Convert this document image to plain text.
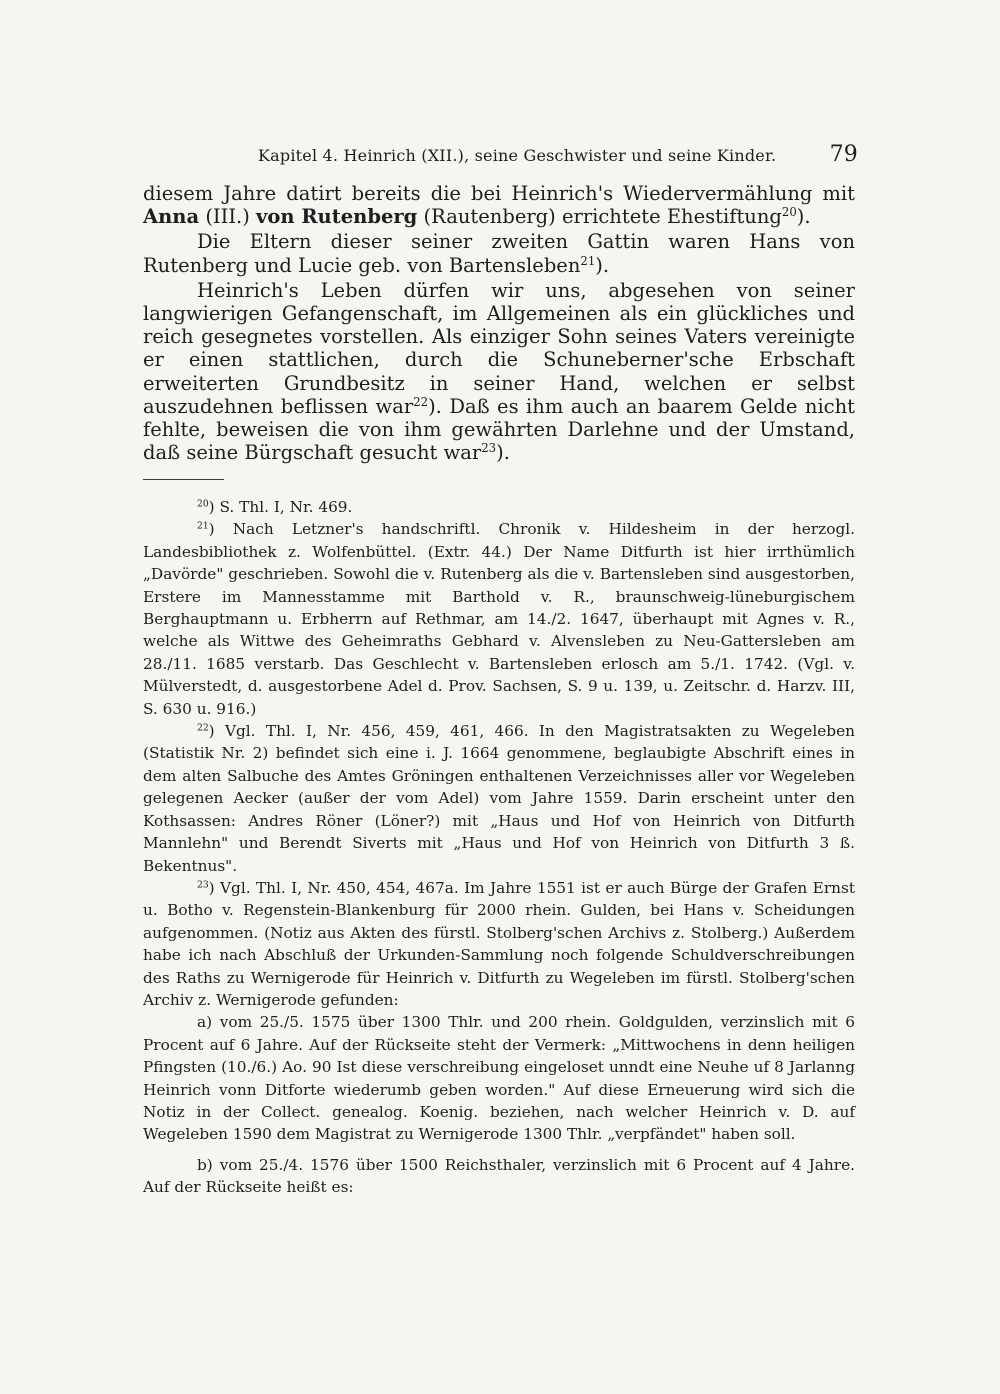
Kapitel 4. Heinrich (XII.), seine Geschwister und seine Kinder. 79

diesem Jahre datirt bereits die bei Heinrich's Wiedervermählung mit Anna (III.) von Rutenberg (Rautenberg) errichtete Ehestiftung$^{20}$).

Die Eltern dieser seiner zweiten Gattin waren Hans von Rutenberg und Lucie geb. von Bartensleben$^{21}$).

Heinrich's Leben dürfen wir uns, abgesehen von seiner langwierigen Gefangenschaft, im Allgemeinen als ein glückliches und reich gesegnetes vorstellen. Als einziger Sohn seines Vaters vereinigte er einen stattlichen, durch die Schuneberner'sche Erbschaft erweiterten Grundbesitz in seiner Hand, welchen er selbst auszudehnen beflissen war$^{22}$). Daß es ihm auch an baarem Gelde nicht fehlte, beweisen die von ihm gewährten Darlehne und der Umstand, daß seine Bürgschaft gesucht war$^{23}$).

$^{20}$) S. Thl. I, Nr. 469.

$^{21}$) Nach Letzner's handschriftl. Chronik v. Hildesheim in der herzogl. Landesbibliothek z. Wolfenbüttel. (Extr. 44.) Der Name Ditfurth ist hier irrthümlich „Davörde" geschrieben. Sowohl die v. Rutenberg als die v. Bartensleben sind ausgestorben, Erstere im Mannesstamme mit Barthold v. R., braunschweig-lüneburgischem Berghauptmann u. Erbherrn auf Rethmar, am 14./2. 1647, überhaupt mit Agnes v. R., welche als Wittwe des Geheimraths Gebhard v. Alvensleben zu Neu-Gattersleben am 28./11. 1685 verstarb. Das Geschlecht v. Bartensleben erlosch am 5./1. 1742. (Vgl. v. Mülverstedt, d. ausgestorbene Adel d. Prov. Sachsen, S. 9 u. 139, u. Zeitschr. d. Harzv. III, S. 630 u. 916.)

$^{22}$) Vgl. Thl. I, Nr. 456, 459, 461, 466. In den Magistratsakten zu Wegeleben (Statistik Nr. 2) befindet sich eine i. J. 1664 genommene, beglaubigte Abschrift eines in dem alten Salbuche des Amtes Gröningen enthaltenen Verzeichnisses aller vor Wegeleben gelegenen Aecker (außer der vom Adel) vom Jahre 1559. Darin erscheint unter den Kothsassen: Andres Röner (Löner?) mit „Haus und Hof von Heinrich von Ditfurth Mannlehn" und Berendt Siverts mit „Haus und Hof von Heinrich von Ditfurth 3 ß. Bekentnus".

$^{23}$) Vgl. Thl. I, Nr. 450, 454, 467a. Im Jahre 1551 ist er auch Bürge der Grafen Ernst u. Botho v. Regenstein-Blankenburg für 2000 rhein. Gulden, bei Hans v. Scheidungen aufgenommen. (Notiz aus Akten des fürstl. Stolberg'schen Archivs z. Stolberg.) Außerdem habe ich nach Abschluß der Urkunden-Sammlung noch folgende Schuldverschreibungen des Raths zu Wernigerode für Heinrich v. Ditfurth zu Wegeleben im fürstl. Stolberg'schen Archiv z. Wernigerode gefunden:

a) vom 25./5. 1575 über 1300 Thlr. und 200 rhein. Goldgulden, verzinslich mit 6 Procent auf 6 Jahre. Auf der Rückseite steht der Vermerk: „Mittwochens in denn heiligen Pfingsten (10./6.) Ao. 90 Ist diese verschreibung eingeloset unndt eine Neuhe uf 8 Jarlanng Heinrich vonn Ditforte wiederumb geben worden." Auf diese Erneuerung wird sich die Notiz in der Collect. genealog. Koenig. beziehen, nach welcher Heinrich v. D. auf Wegeleben 1590 dem Magistrat zu Wernigerode 1300 Thlr. „verpfändet" haben soll.

b) vom 25./4. 1576 über 1500 Reichsthaler, verzinslich mit 6 Procent auf 4 Jahre. Auf der Rückseite heißt es:
